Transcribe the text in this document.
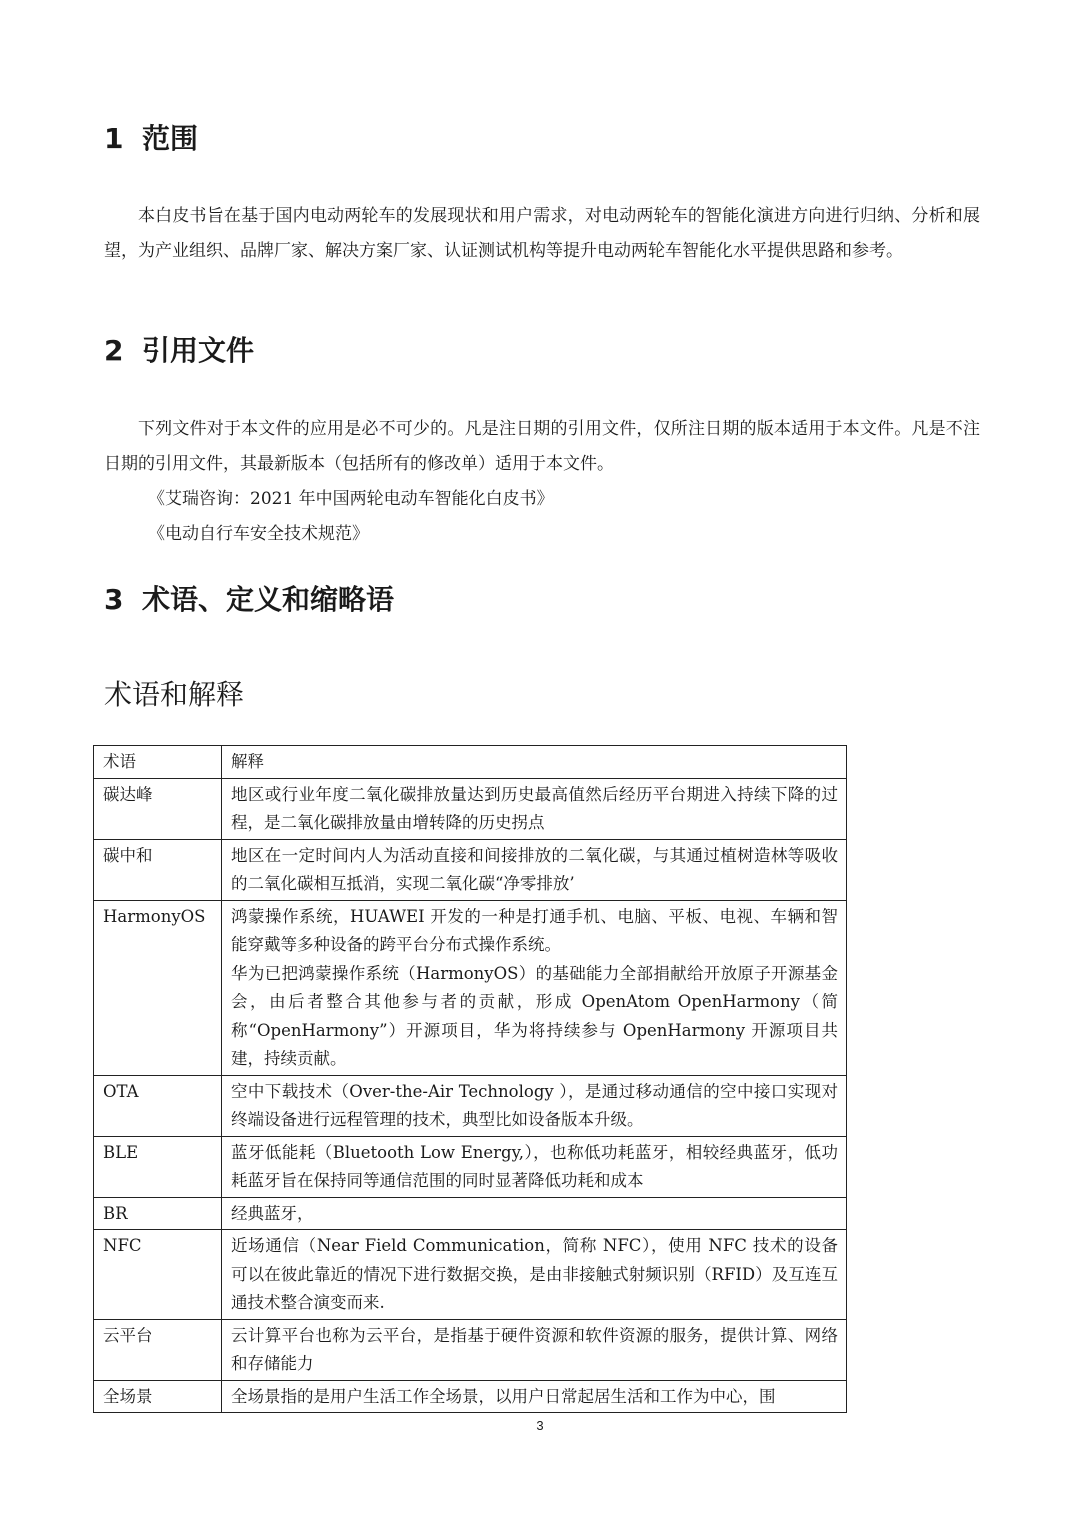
1 范围

本白皮书旨在基于国内电动两轮车的发展现状和用户需求，对电动两轮车的智能化演进方向进行归纳、分析和展望，为产业组织、品牌厂家、解决方案厂家、认证测试机构等提升电动两轮车智能化水平提供思路和参考。

2 引用文件

下列文件对于本文件的应用是必不可少的。凡是注日期的引用文件，仅所注日期的版本适用于本文件。凡是不注日期的引用文件，其最新版本（包括所有的修改单）适用于本文件。

《艾瑞咨询：2021 年中国两轮电动车智能化白皮书》

《电动自行车安全技术规范》

3 术语、定义和缩略语
术语和解释
术语	解释
碳达峰	地区或行业年度二氧化碳排放量达到历史最高值然后经历平台期进入持续下降的过程，是二氧化碳排放量由增转降的历史拐点

碳中和	地区在一定时间内人为活动直接和间接排放的二氧化碳，与其通过植树造林等吸收的二氧化碳相互抵消，实现二氧化碳“净零排放’

HarmonyOS	鸿蒙操作系统，HUAWEI 开发的一种是打通手机、电脑、平板、电视、车辆和智能穿戴等多种设备的跨平台分布式操作系统。
华为已把鸿蒙操作系统（HarmonyOS）的基础能力全部捐献给开放原子开源基金会，由后者整合其他参与者的贡献，形成 OpenAtom OpenHarmony（简称“OpenHarmony”）开源项目，华为将持续参与 OpenHarmony 开源项目共建，持续贡献。

OTA	空中下载技术（Over-the-Air Technology ），是通过移动通信的空中接口实现对终端设备进行远程管理的技术，典型比如设备版本升级。

BLE	蓝牙低能耗（Bluetooth Low Energy,），也称低功耗蓝牙，相较经典蓝牙，低功耗蓝牙旨在保持同等通信范围的同时显著降低功耗和成本

BR	经典蓝牙，

NFC	近场通信（Near Field Communication，简称 NFC），使用 NFC 技术的设备可以在彼此靠近的情况下进行数据交换，是由非接触式射频识别（RFID）及互连互通技术整合演变而来.

云平台	云计算平台也称为云平台，是指基于硬件资源和软件资源的服务，提供计算、网络和存储能力

全场景	全场景指的是用户生活工作全场景，以用户日常起居生活和工作为中心，围
3
